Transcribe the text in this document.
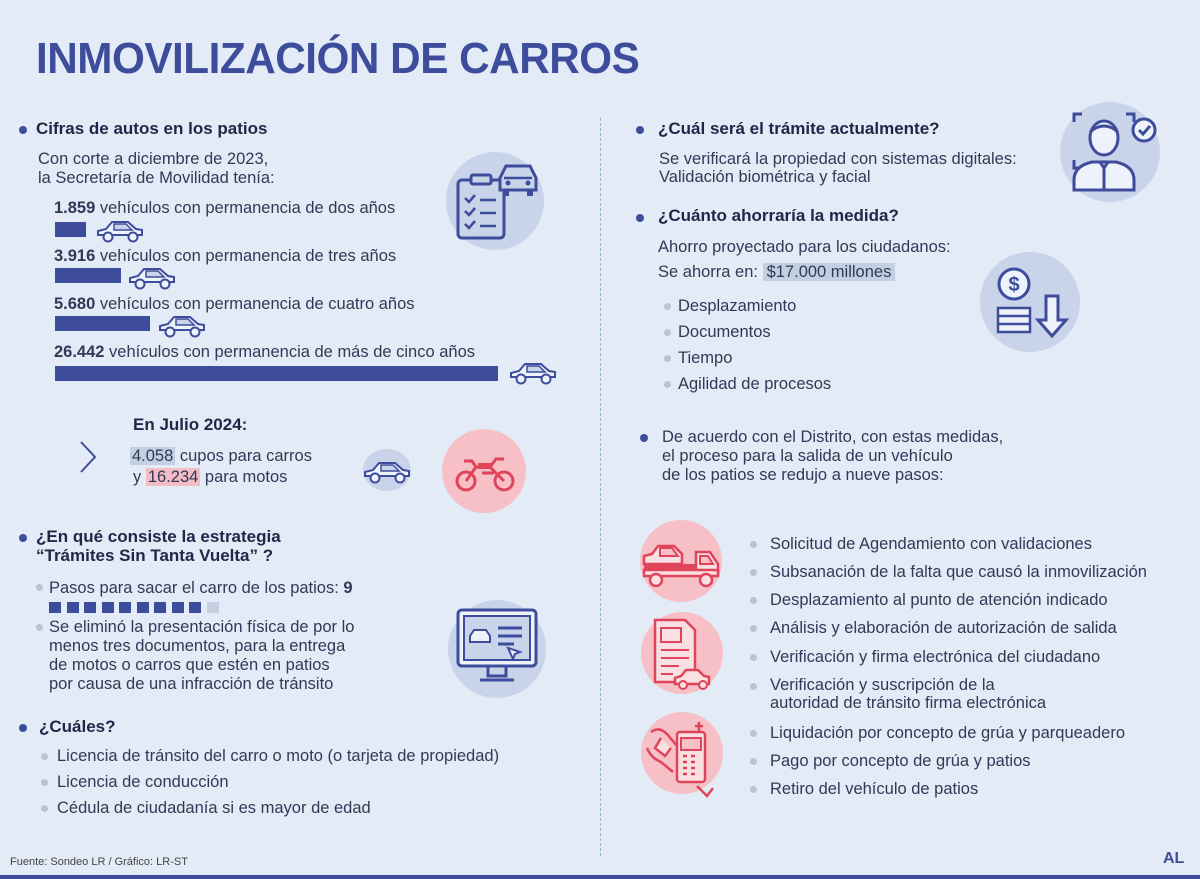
INMOVILIZACIÓN DE CARROS
Cifras de autos en los patios
Con corte a diciembre de 2023,
la Secretaría de Movilidad tenía:
1.859 vehículos con permanencia de dos años
3.916 vehículos con permanencia de tres años
5.680 vehículos con permanencia de cuatro años
26.442 vehículos con permanencia de más de cinco años
En Julio 2024:
4.058 cupos para carros
y 16.234 para motos
¿En qué consiste la estrategia
“Trámites Sin Tanta Vuelta” ?
Pasos para sacar el carro de los patios: 9
Se eliminó la presentación física de por lo
menos tres documentos, para la entrega
de motos o carros que estén en patios
por causa de una infracción de tránsito
¿Cuáles?
Licencia de tránsito del carro o moto (o tarjeta de propiedad)
Licencia de conducción
Cédula de ciudadanía si es mayor de edad
¿Cuál será el trámite actualmente?
Se verificará la propiedad con sistemas digitales:
Validación biométrica y facial
¿Cuánto ahorraría la medida?
Ahorro proyectado para los ciudadanos:
Se ahorra en: $17.000 millones
Desplazamiento
Documentos
Tiempo
Agilidad de procesos
$
De acuerdo con el Distrito, con estas medidas,
el proceso para la salida de un vehículo
de los patios se redujo a nueve pasos:
Solicitud de Agendamiento con validaciones
Subsanación de la falta que causó la inmovilización
Desplazamiento al punto de atención indicado
Análisis y elaboración de autorización de salida
Verificación y firma electrónica del ciudadano
Verificación y suscripción de la
autoridad de tránsito firma electrónica
Liquidación por concepto de grúa y parqueadero
Pago por concepto de grúa y patios
Retiro del vehículo de patios
Fuente: Sondeo LR / Gráfico: LR-ST	AL
